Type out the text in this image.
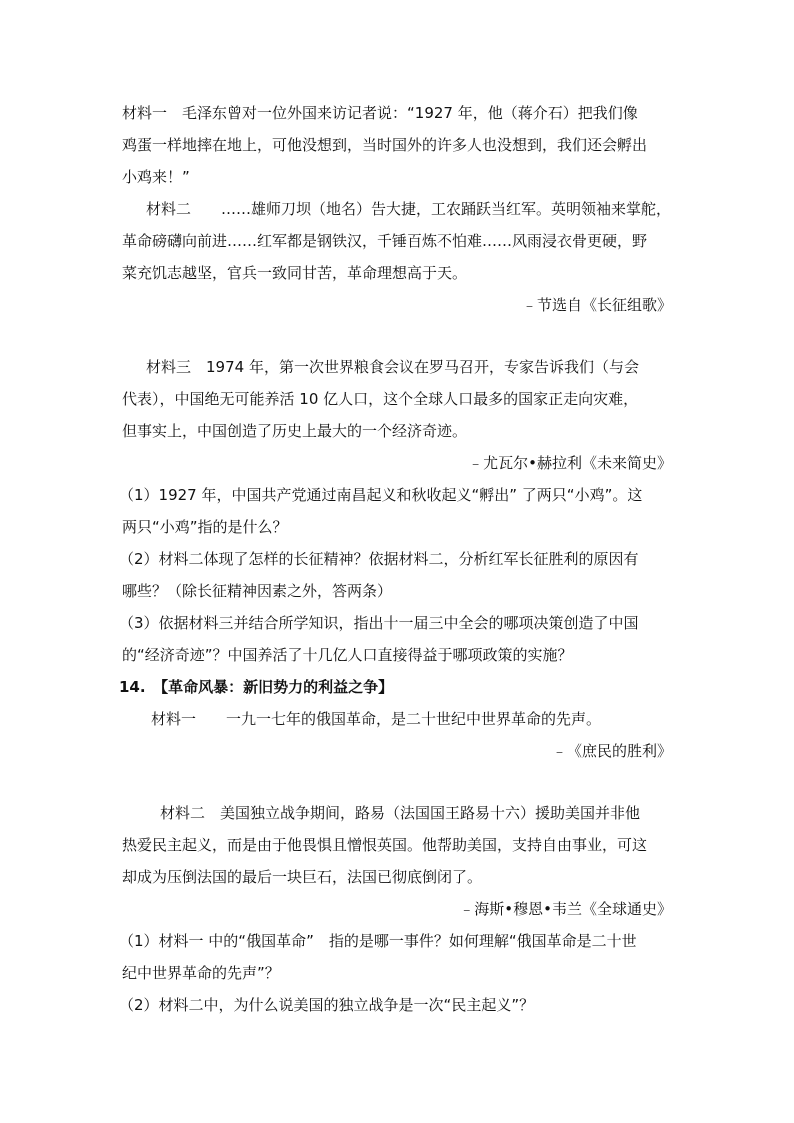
材料一　毛泽东曾对一位外国来访记者说：“1927 年，他（蒋介石）把我们像
鸡蛋一样地摔在地上，可他没想到，当时国外的许多人也没想到，我们还会孵出
小鸡来！”
材料二　　……雄师刀坝（地名）告大捷，工农踊跃当红军。英明领袖来掌舵，
革命磅礴向前进……红军都是钢铁汉，千锤百炼不怕难……风雨浸衣骨更硬，野
菜充饥志越坚，官兵一致同甘苦，革命理想高于天。
﹣节选自《长征组歌》
材料三　1974 年，第一次世界粮食会议在罗马召开，专家告诉我们（与会
代表），中国绝无可能养活 10 亿人口，这个全球人口最多的国家正走向灾难，
但事实上，中国创造了历史上最大的一个经济奇迹。
﹣尤瓦尔•赫拉利《未来简史》
（1）1927 年，中国共产党通过南昌起义和秋收起义“孵出” 了两只“小鸡”。这
两只“小鸡”指的是什么？
（2）材料二体现了怎样的长征精神？依据材料二，分析红军长征胜利的原因有
哪些？（除长征精神因素之外，答两条）
（3）依据材料三并结合所学知识，指出十一届三中全会的哪项决策创造了中国
的“经济奇迹”？中国养活了十几亿人口直接得益于哪项政策的实施？
14.　【革命风暴：新旧势力的利益之争】
材料一　　一九一七年的俄国革命，是二十世纪中世界革命的先声。
﹣《庶民的胜利》
材料二　美国独立战争期间，路易（法国国王路易十六）援助美国并非他
热爱民主起义，而是由于他畏惧且憎恨英国。他帮助美国，支持自由事业，可这
却成为压倒法国的最后一块巨石，法国已彻底倒闭了。
﹣海斯•穆恩•韦兰《全球通史》
（1）材料一 中的“俄国革命”　指的是哪一事件？如何理解“俄国革命是二十世
纪中世界革命的先声”？
（2）材料二中，为什么说美国的独立战争是一次“民主起义”？
